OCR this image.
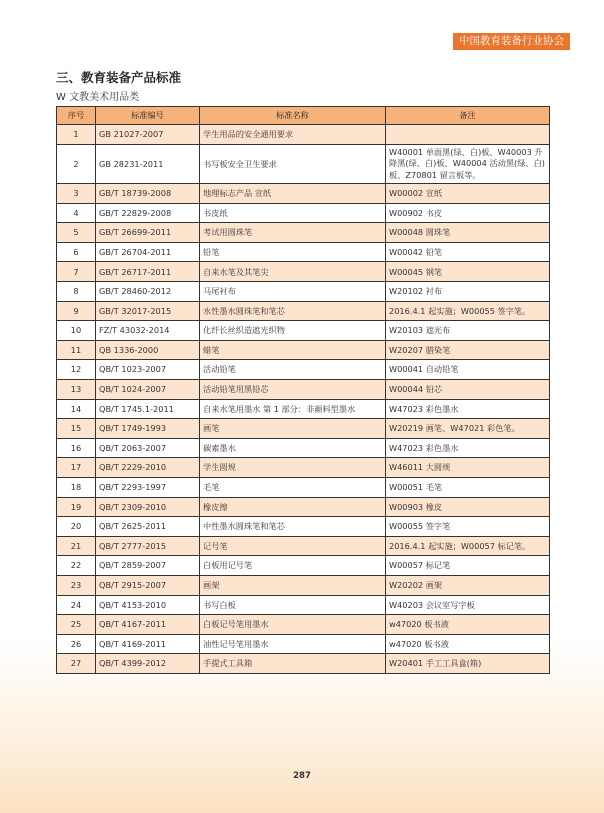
中国教育装备行业协会
三、教育装备产品标准
W 文教美术用品类
序号	标准编号	标准名称	备注
1	GB 21027-2007	学生用品的安全通用要求	
2	GB 28231-2011	书写板安全卫生要求	W40001 单面黑(绿、白)板、W40003 升降黑(绿、白)板、W40004 活动黑(绿、白)板、Z70801 留言板等。
3	GB/T 18739-2008	地理标志产品 宣纸	W00002 宣纸
4	GB/T 22829-2008	书皮纸	W00902 书皮
5	GB/T 26699-2011	考试用圆珠笔	W00048 圆珠笔
6	GB/T 26704-2011	铅笔	W00042 铅笔
7	GB/T 26717-2011	自来水笔及其笔尖	W00045 钢笔
8	GB/T 28460-2012	马尾衬布	W20102 衬布
9	GB/T 32017-2015	水性墨水圆珠笔和笔芯	2016.4.1 起实施；W00055 签字笔。
10	FZ/T 43032-2014	化纤长丝织造遮光织物	W20103 遮光布
11	QB 1336-2000	蜡笔	W20207 腊染笔
12	QB/T 1023-2007	活动铅笔	W00041 自动铅笔
13	QB/T 1024-2007	活动铅笔用黑铅芯	W00044 铅芯
14	QB/T 1745.1-2011	自来水笔用墨水 第 1 部分：非颜料型墨水	W47023 彩色墨水
15	QB/T 1749-1993	画笔	W20219 画笔、W47021 彩色笔。
16	QB/T 2063-2007	碳素墨水	W47023 彩色墨水
17	QB/T 2229-2010	学生圆规	W46011 大圆规
18	QB/T 2293-1997	毛笔	W00051 毛笔
19	QB/T 2309-2010	橡皮擦	W00903 橡皮
20	QB/T 2625-2011	中性墨水圆珠笔和笔芯	W00055 签字笔
21	QB/T 2777-2015	记号笔	2016.4.1 起实施；W00057 标记笔。
22	QB/T 2859-2007	白板用记号笔	W00057 标记笔
23	QB/T 2915-2007	画架	W20202 画架
24	QB/T 4153-2010	书写白板	W40203 会议室写字板
25	QB/T 4167-2011	白板记号笔用墨水	w47020 板书液
26	QB/T 4169-2011	油性记号笔用墨水	w47020 板书液
27	QB/T 4399-2012	手提式工具箱	W20401 手工工具盒(箱)
287
